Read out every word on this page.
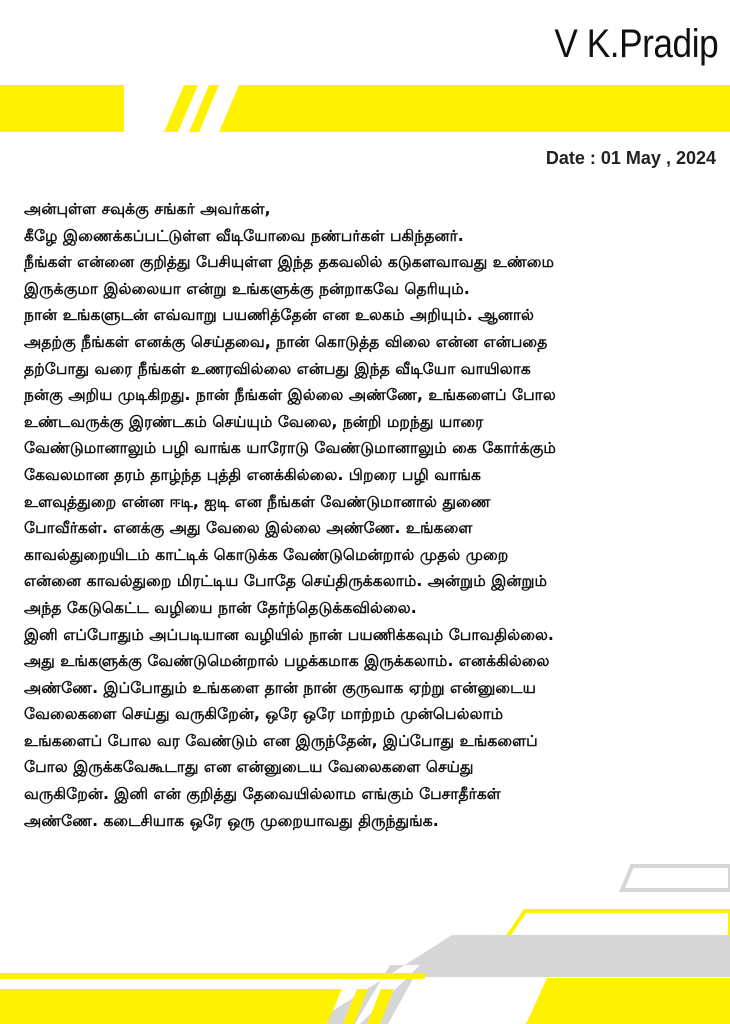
V K.Pradip
Date : 01 May , 2024
அன்புள்ள சவுக்கு சங்கர் அவர்கள்,
கீழே இணைக்கப்பட்டுள்ள வீடியோவை நண்பர்கள் பகிந்தனர்.
நீங்கள் என்னை குறித்து பேசியுள்ள இந்த தகவலில் கடுகளவாவது உண்மை
இருக்குமா இல்லையா என்று உங்களுக்கு நன்றாகவே தெரியும்.
நான் உங்களுடன் எவ்வாறு பயணித்தேன் என உலகம் அறியும். ஆனால்
அதற்கு நீங்கள் எனக்கு செய்தவை, நான் கொடுத்த விலை என்ன என்பதை
தற்போது வரை நீங்கள் உணரவில்லை என்பது இந்த வீடியோ வாயிலாக
நன்கு அறிய முடிகிறது. நான் நீங்கள் இல்லை அண்ணே, உங்களைப் போல
உண்டவருக்கு இரண்டகம் செய்யும் வேலை, நன்றி மறந்து யாரை
வேண்டுமானாலும் பழி வாங்க யாரோடு வேண்டுமானாலும் கை கோர்க்கும்
கேவலமான தரம் தாழ்ந்த புத்தி எனக்கில்லை. பிறரை பழி வாங்க
உளவுத்துறை என்ன ஈடி, ஐடி என நீங்கள் வேண்டுமானால் துணை
போவீர்கள். எனக்கு அது வேலை இல்லை அண்ணே. உங்களை
காவல்துறையிடம் காட்டிக் கொடுக்க வேண்டுமென்றால் முதல் முறை
என்னை காவல்துறை மிரட்டிய போதே செய்திருக்கலாம். அன்றும் இன்றும்
அந்த கேடுகெட்ட வழியை நான் தேர்ந்தெடுக்கவில்லை.
இனி எப்போதும் அப்படியான வழியில் நான் பயணிக்கவும் போவதில்லை.
அது உங்களுக்கு வேண்டுமென்றால் பழக்கமாக இருக்கலாம். எனக்கில்லை
அண்ணே. இப்போதும் உங்களை தான் நான் குருவாக ஏற்று என்னுடைய
வேலைகளை செய்து வருகிறேன், ஒரே ஒரே மாற்றம் முன்பெல்லாம்
உங்களைப் போல வர வேண்டும் என இருந்தேன், இப்போது உங்களைப்
போல இருக்கவேகூடாது என என்னுடைய வேலைகளை செய்து
வருகிறேன். இனி என் குறித்து தேவையில்லாம எங்கும் பேசாதீர்கள்
அண்ணே. கடைசியாக ஒரே ஒரு முறையாவது திருந்துங்க.
